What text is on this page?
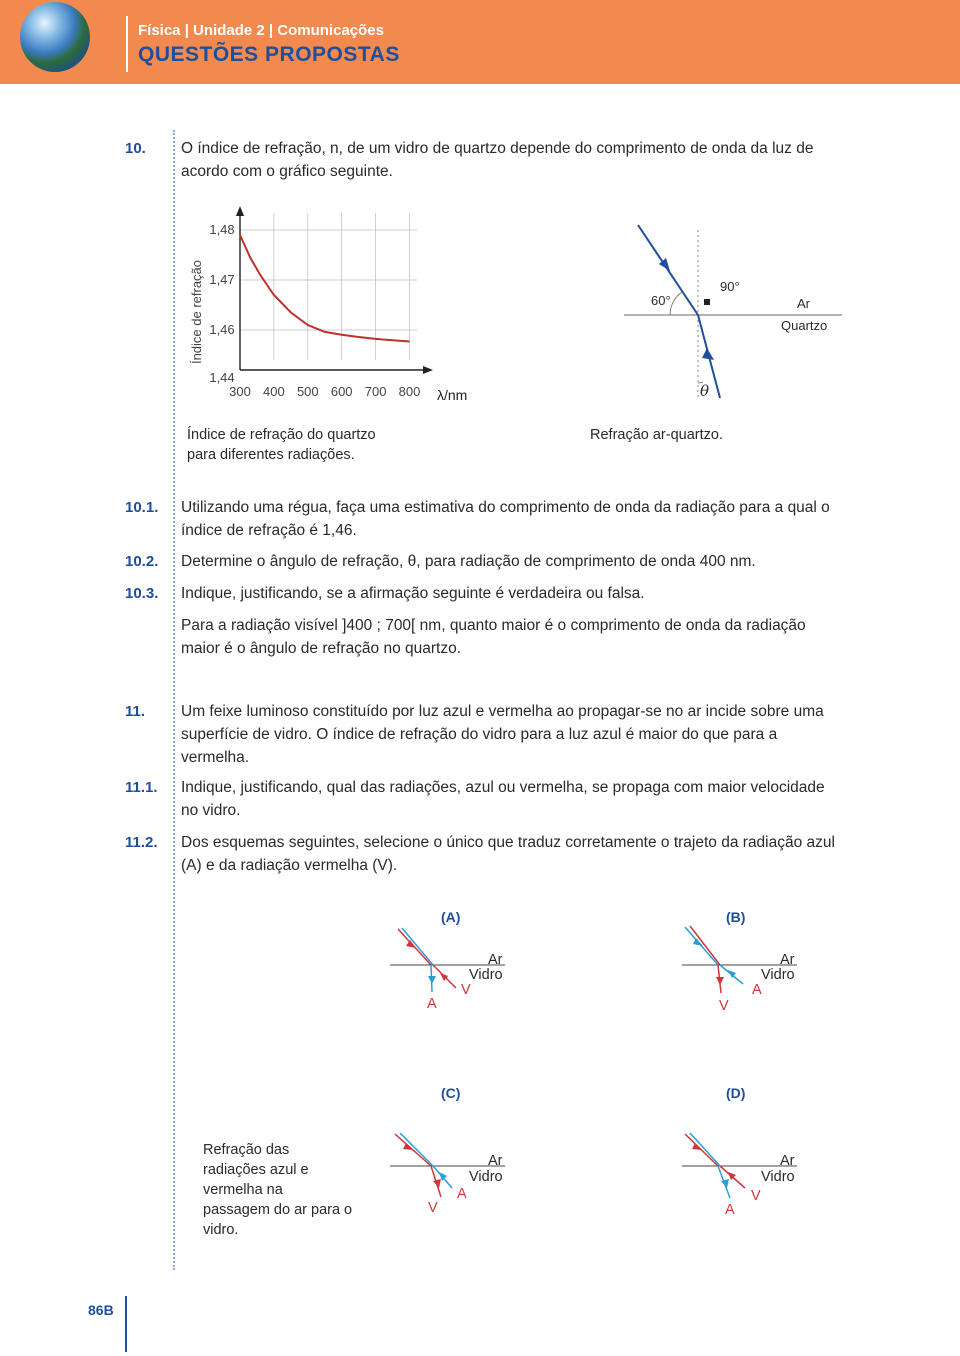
Física | Unidade 2 | Comunicações
QUESTÕES PROPOSTAS
10. O índice de refração, n, de um vidro de quartzo depende do comprimento de onda da luz de acordo com o gráfico seguinte.
300 400 500 600 700 800
1,44
1,46
1,47
1,48
Índice de refração
λ/nm
Índice de refração do quartzo para diferentes radiações.
60°
90°
Ar
Quartzo
θ
Refração ar-quartzo.
10.1. Utilizando uma régua, faça uma estimativa do comprimento de onda da radiação para a qual o índice de refração é 1,46.
10.2. Determine o ângulo de refração, θ, para radiação de comprimento de onda 400 nm.
10.3. Indique, justificando, se a afirmação seguinte é verdadeira ou falsa.
Para a radiação visível ]400 ; 700[ nm, quanto maior é o comprimento de onda da radiação maior é o ângulo de refração no quartzo.
11. Um feixe luminoso constituído por luz azul e vermelha ao propagar-se no ar incide sobre uma superfície de vidro. O índice de refração do vidro para a luz azul é maior do que para a vermelha.
11.1. Indique, justificando, qual das radiações, azul ou vermelha, se propaga com maior velocidade no vidro.
11.2. Dos esquemas seguintes, selecione o único que traduz corretamente o trajeto da radiação azul (A) e da radiação vermelha (V).
(A)	(B)
(C)	(D)
Ar
Vidro
A
V
Ar
Vidro
V
A
Refração das radiações azul e vermelha na passagem do ar para o vidro.
Ar
Vidro
V
A
Ar
Vidro
A
V
86B
